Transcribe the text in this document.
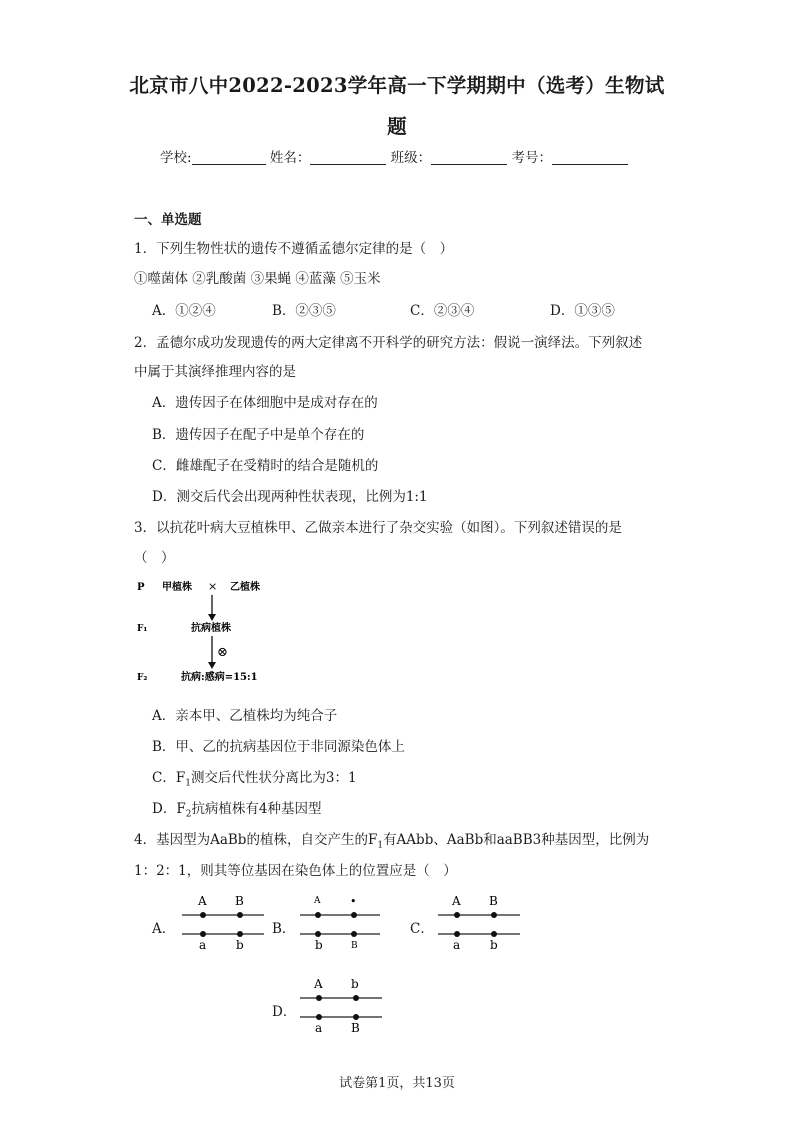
北京市八中2022-2023学年高一下学期期中（选考）生物试
题
学校:	姓名：	班级：	考号：
一、单选题
1．下列生物性状的遗传不遵循孟德尔定律的是（　）
①噬菌体 ②乳酸菌 ③果蝇 ④蓝藻 ⑤玉米
A．①②④	B．②③⑤	C．②③④	D．①③⑤
2．孟德尔成功发现遗传的两大定律离不开科学的研究方法：假说一演绎法。下列叙述
中属于其演绎推理内容的是
A．遗传因子在体细胞中是成对存在的
B．遗传因子在配子中是单个存在的
C．雌雄配子在受精时的结合是随机的
D．测交后代会出现两种性状表现，比例为1:1
3．以抗花叶病大豆植株甲、乙做亲本进行了杂交实验（如图）。下列叙述错误的是
（　）
P 甲植株 × 乙植株
F₁	抗病植株
⊗
F₂	抗病:感病=15:1
A．亲本甲、乙植株均为纯合子
B．甲、乙的抗病基因位于非同源染色体上
C．$F_1$测交后代性状分离比为3：1
D．$F_2$抗病植株有4种基因型
4．基因型为AaBb的植株，自交产生的$F_1$有AAbb、AaBb和aaBB3种基因型，比例为
1：2：1，则其等位基因在染色体上的位置应是（　）
A．
A B
a b
B．
A	•
b	B
C．
A B
a b
D．
A b
a B
试卷第1页，共13页
